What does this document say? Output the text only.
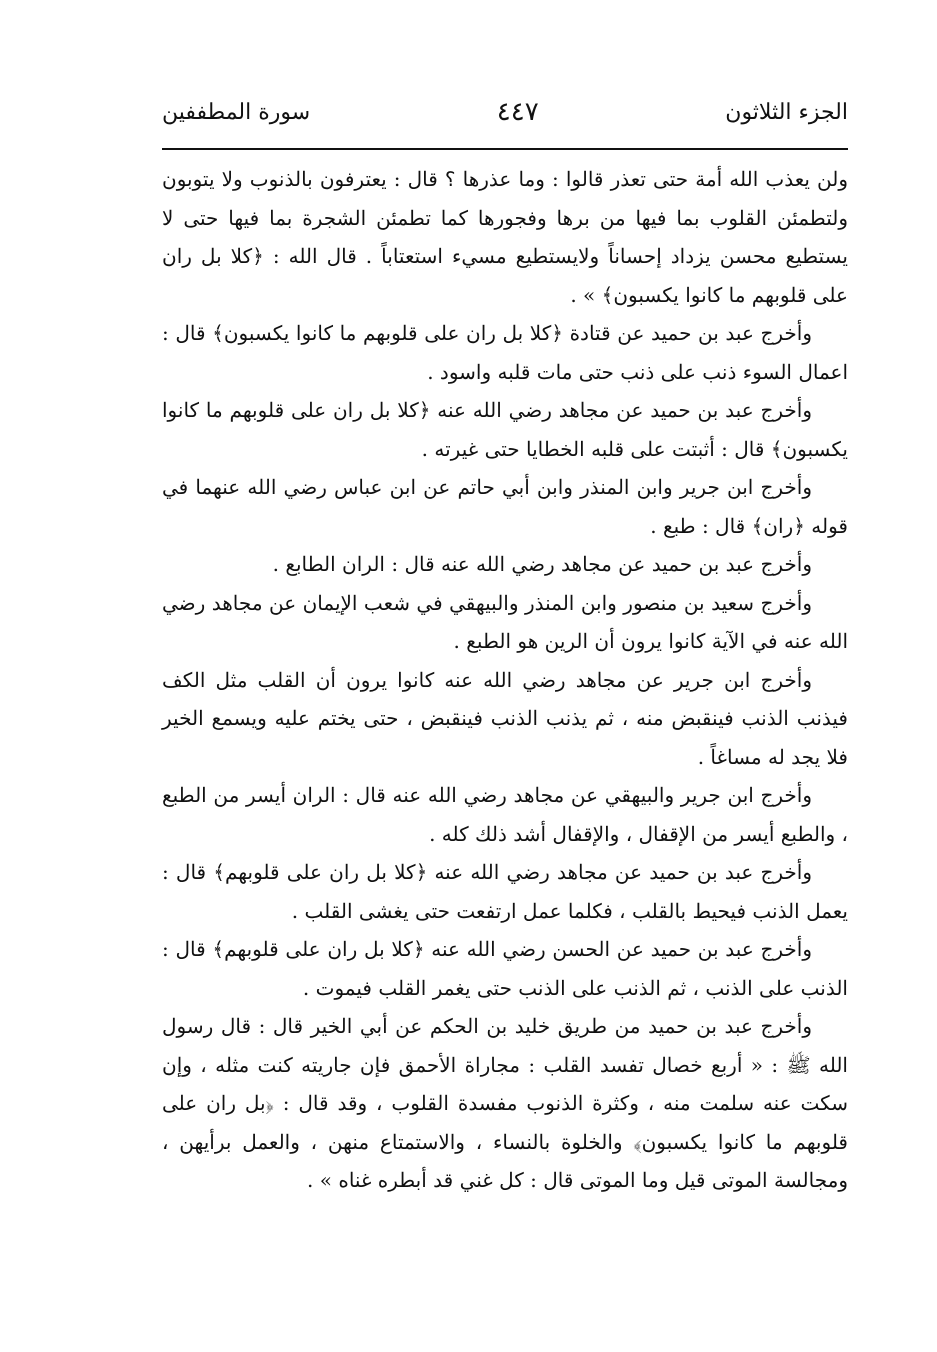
الجزء الثلاثون
٤٤٧
سورة المطففين

ولن يعذب الله أمة حتى تعذر قالوا : وما عذرها ؟ قال : يعترفون بالذنوب ولا يتوبون ولتطمئن القلوب بما فيها من برها وفجورها كما تطمئن الشجرة بما فيها حتى لا يستطيع محسن يزداد إحساناً ولايستطيع مسيء استعتاباً . قال الله : ﴿كلا بل ران على قلوبهم ما كانوا يكسبون﴾ » .

وأخرج عبد بن حميد عن قتادة ﴿كلا بل ران على قلوبهم ما كانوا يكسبون﴾ قال : اعمال السوء ذنب على ذنب حتى مات قلبه واسود .

وأخرج عبد بن حميد عن مجاهد رضي الله عنه ﴿كلا بل ران على قلوبهم ما كانوا يكسبون﴾ قال : أثبتت على قلبه الخطايا حتى غيرته .

وأخرج ابن جرير وابن المنذر وابن أبي حاتم عن ابن عباس رضي الله عنهما في قوله ﴿ران﴾ قال : طبع .

وأخرج عبد بن حميد عن مجاهد رضي الله عنه قال : الران الطابع .

وأخرج سعيد بن منصور وابن المنذر والبيهقي في شعب الإيمان عن مجاهد رضي الله عنه في الآية كانوا يرون أن الرين هو الطبع .

وأخرج ابن جرير عن مجاهد رضي الله عنه كانوا يرون أن القلب مثل الكف فيذنب الذنب فينقبض منه ، ثم يذنب الذنب فينقبض ، حتى يختم عليه ويسمع الخير فلا يجد له مساغاً .

وأخرج ابن جرير والبيهقي عن مجاهد رضي الله عنه قال : الران أيسر من الطبع ، والطبع أيسر من الإقفال ، والإقفال أشد ذلك كله .

وأخرج عبد بن حميد عن مجاهد رضي الله عنه ﴿كلا بل ران على قلوبهم﴾ قال : يعمل الذنب فيحيط بالقلب ، فكلما عمل ارتفعت حتى يغشى القلب .

وأخرج عبد بن حميد عن الحسن رضي الله عنه ﴿كلا بل ران على قلوبهم﴾ قال : الذنب على الذنب ، ثم الذنب على الذنب حتى يغمر القلب فيموت .

وأخرج عبد بن حميد من طريق خليد بن الحكم عن أبي الخير قال : قال رسول الله ﷺ : « أربع خصال تفسد القلب : مجاراة الأحمق فإن جاريته كنت مثله ، وإن سكت عنه سلمت منه ، وكثرة الذنوب مفسدة القلوب ، وقد قال : ﴿بل ران على قلوبهم ما كانوا يكسبون﴾ والخلوة بالنساء ، والاستمتاع منهن ، والعمل برأيهن ، ومجالسة الموتى قيل وما الموتى قال : كل غني قد أبطره غناه » .
